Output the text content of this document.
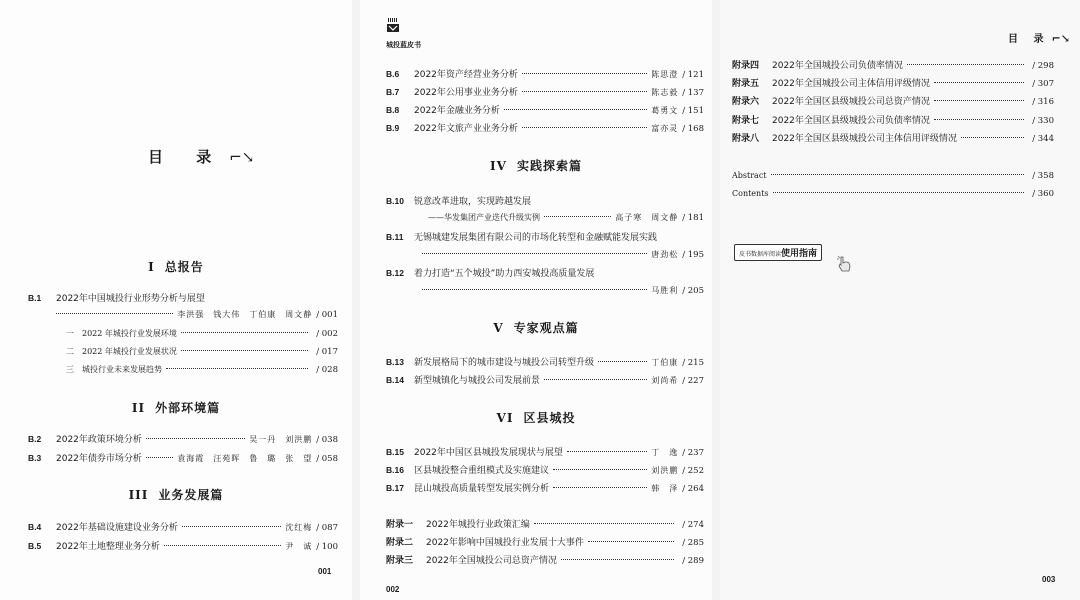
目 录 ⌐↘
I 总报告
B.1	2022年中国城投行业形势分析与展望
李洪强　钱大伟　丁伯康　周文静 / 001
一 2022 年城投行业发展环境	/ 002
二 2022 年城投行业发展状况	/ 017
三 城投行业未来发展趋势	/ 028
II 外部环境篇
B.2	2022年政策环境分析	吴一丹　刘洪鹏 / 038
B.3	2022年债券市场分析	袁海霞　汪苑晖　鲁　璐　张　望 / 058
III 业务发展篇
B.4	2022年基础设施建设业务分析	沈红梅 / 087
B.5	2022年土地整理业务分析	尹　诚 / 100
001
城投蓝皮书
B.6	2022年资产经营业务分析	陈思澄 / 121
B.7	2022年公用事业业务分析	陈志毅 / 137
B.8	2022年金融业务分析	葛勇文 / 151
B.9	2022年文旅产业业务分析	富亦灵 / 168
IV 实践探索篇
B.10	锐意改革进取，实现跨越发展
——华发集团产业迭代升级实例	高子寒　周文静 / 181
B.11	无锡城建发展集团有限公司的市场化转型和金融赋能发展实践
唐劲松 / 195
B.12	着力打造“五个城投”助力西安城投高质量发展
马胜利 / 205
V 专家观点篇
B.13	新发展格局下的城市建设与城投公司转型升级	丁伯康 / 215
B.14	新型城镇化与城投公司发展前景	刘尚希 / 227
VI 区县城投
B.15	2022年中国区县城投发展现状与展望	丁　逸 / 237
B.16	区县城投整合重组模式及实施建议	刘洪鹏 / 252
B.17	昆山城投高质量转型发展实例分析	韩　泽 / 264
附录一	2022年城投行业政策汇编	/ 274
附录二	2022年影响中国城投行业发展十大事件	/ 285
附录三	2022年全国城投公司总资产情况	/ 289
002
目 录 ⌐↘
附录四	2022年全国城投公司负债率情况	/ 298
附录五	2022年全国城投公司主体信用评级情况	/ 307
附录六	2022年全国区县级城投公司总资产情况	/ 316
附录七	2022年全国区县级城投公司负债率情况	/ 330
附录八	2022年全国区县级城投公司主体信用评级情况	/ 344
Abstract	/ 358
Contents	/ 360
皮书数据库阅读使用指南
003
